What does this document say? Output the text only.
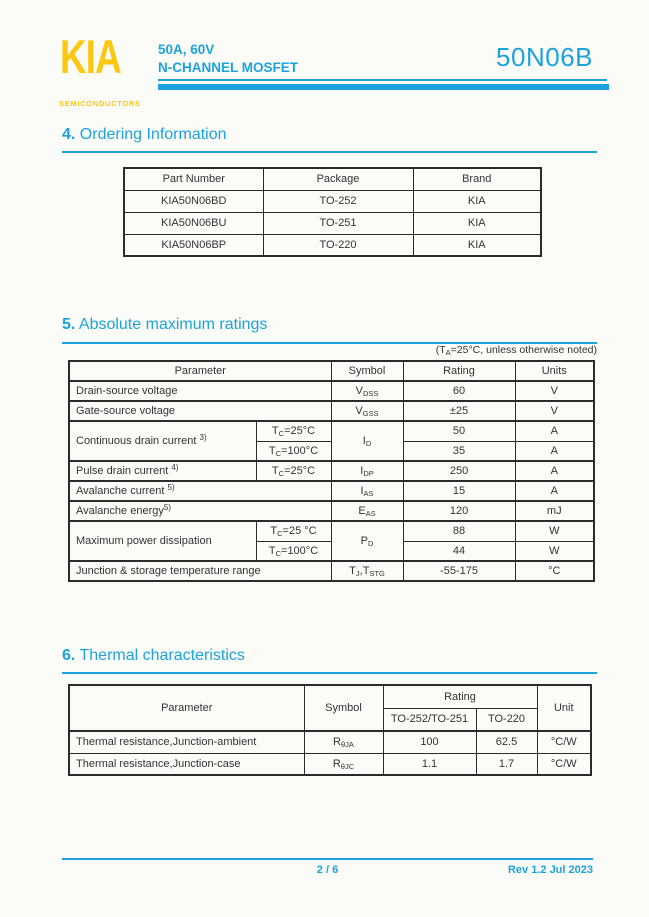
KIA
SEMICONDUCTORS
50A, 60V
N-CHANNEL MOSFET	50N06B
4. Ordering Information
Part Number	Package	Brand
KIA50N06BD	TO-252	KIA
KIA50N06BU	TO-251	KIA
KIA50N06BP	TO-220	KIA
5. Absolute maximum ratings
($T_A=25^\circ C$, unless otherwise noted)
Parameter		Symbol	Rating	Units
Drain-source voltage		$V_{DSS}$	60	V
Gate-source voltage		$V_{GSS}$	±25	V
Continuous drain current $^{3)}$	$T_C=25^\circ C$	$I_D$	50	A
	$T_C=100^\circ C$		35	A
Pulse drain current $^{4)}$	$T_C=25^\circ C$	$I_{DP}$	250	A
Avalanche current $^{5)}$		$I_{AS}$	15	A
Avalanche energy$^{5)}$		$E_{AS}$	120	mJ
Maximum power dissipation	$T_C=25$ °C	$P_D$	88	W
	$T_C=100^\circ C$		44	W
Junction & storage temperature range		$T_J,T_{STG}$	-55-175	°C
6. Thermal characteristics
Parameter	Symbol	Rating		Unit
		TO-252/TO-251	TO-220	
Thermal resistance,Junction-ambient	$R_{\theta JA}$	100	62.5	°C/W
Thermal resistance,Junction-case	$R_{\theta JC}$	1.1	1.7	°C/W
2 / 6	Rev 1.2 Jul 2023
